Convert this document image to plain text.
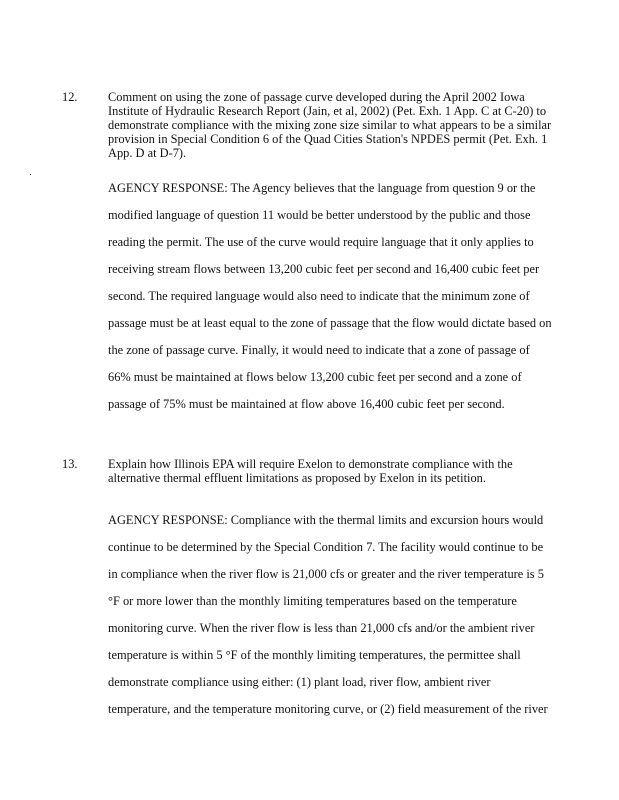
12. Comment on using the zone of passage curve developed during the April 2002 Iowa
Institute of Hydraulic Research Report (Jain, et al, 2002) (Pet. Exh. 1 App. C at C-20) to
demonstrate compliance with the mixing zone size similar to what appears to be a similar
provision in Special Condition 6 of the Quad Cities Station's NPDES permit (Pet. Exh. 1
App. D at D-7).
AGENCY RESPONSE: The Agency believes that the language from question 9 or the
modified language of question 11 would be better understood by the public and those
reading the permit. The use of the curve would require language that it only applies to
receiving stream flows between 13,200 cubic feet per second and 16,400 cubic feet per
second. The required language would also need to indicate that the minimum zone of
passage must be at least equal to the zone of passage that the flow would dictate based on
the zone of passage curve. Finally, it would need to indicate that a zone of passage of
66% must be maintained at flows below 13,200 cubic feet per second and a zone of
passage of 75% must be maintained at flow above 16,400 cubic feet per second.
13. Explain how Illinois EPA will require Exelon to demonstrate compliance with the
alternative thermal effluent limitations as proposed by Exelon in its petition.
AGENCY RESPONSE: Compliance with the thermal limits and excursion hours would
continue to be determined by the Special Condition 7. The facility would continue to be
in compliance when the river flow is 21,000 cfs or greater and the river temperature is 5
°F or more lower than the monthly limiting temperatures based on the temperature
monitoring curve. When the river flow is less than 21,000 cfs and/or the ambient river
temperature is within 5 °F of the monthly limiting temperatures, the permittee shall
demonstrate compliance using either: (1) plant load, river flow, ambient river
temperature, and the temperature monitoring curve, or (2) field measurement of the river
